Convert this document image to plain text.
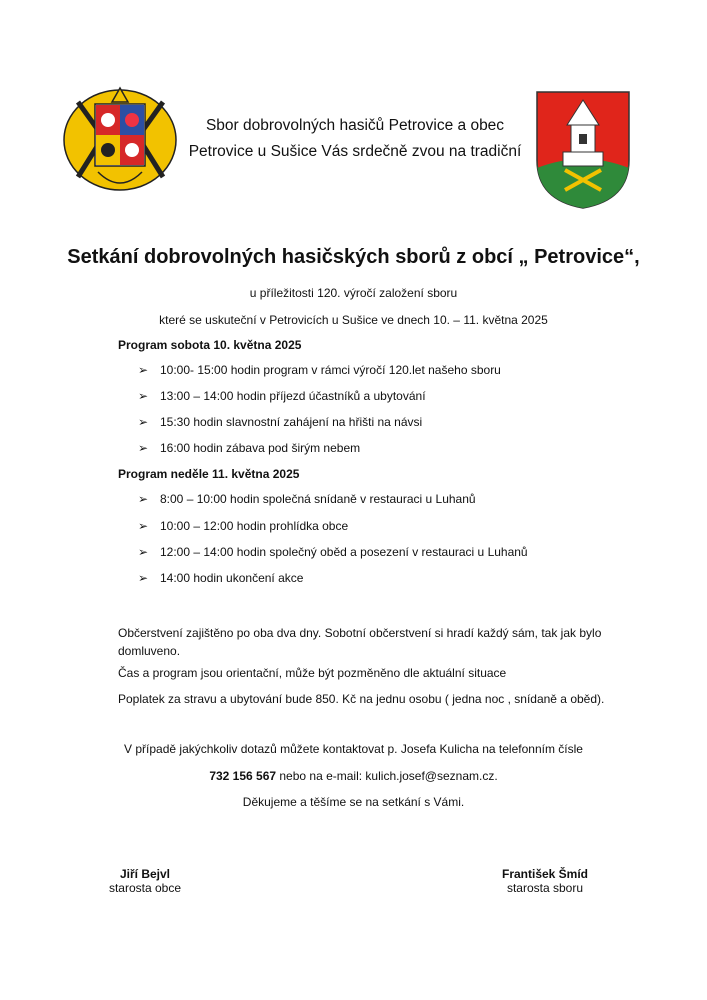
Sbor dobrovolných hasičů Petrovice a obec
Petrovice u Sušice Vás srdečně zvou na tradiční
Setkání dobrovolných hasičských sborů z obcí „ Petrovice“,
u příležitosti 120. výročí založení sboru
které se uskuteční v Petrovicích u Sušice ve dnech 10. – 11. května 2025
Program sobota 10. května 2025
➢ 10:00- 15:00 hodin program v rámci výročí 120.let našeho sboru
➢ 13:00 – 14:00 hodin příjezd účastníků a ubytování
➢ 15:30 hodin slavnostní zahájení na hřišti na návsi
➢ 16:00 hodin zábava pod širým nebem
Program neděle 11. května 2025
➢ 8:00 – 10:00 hodin společná snídaně v restauraci u Luhanů
➢ 10:00 – 12:00 hodin prohlídka obce
➢ 12:00 – 14:00 hodin společný oběd a posezení v restauraci u Luhanů
➢ 14:00 hodin ukončení akce
Občerstvení zajištěno po oba dva dny. Sobotní občerstvení si hradí každý sám, tak jak bylo domluveno.
Čas a program jsou orientační, může být pozměněno dle aktuální situace
Poplatek za stravu a ubytování bude 850. Kč na jednu osobu ( jedna noc , snídaně a oběd).
V případě jakýchkoliv dotazů můžete kontaktovat p. Josefa Kulicha na telefonním čísle
732 156 567 nebo na e-mail: kulich.josef@seznam.cz.
Děkujeme a těšíme se na setkání s Vámi.
Jiří Bejvl
starosta obce
František Šmíd
starosta sboru
